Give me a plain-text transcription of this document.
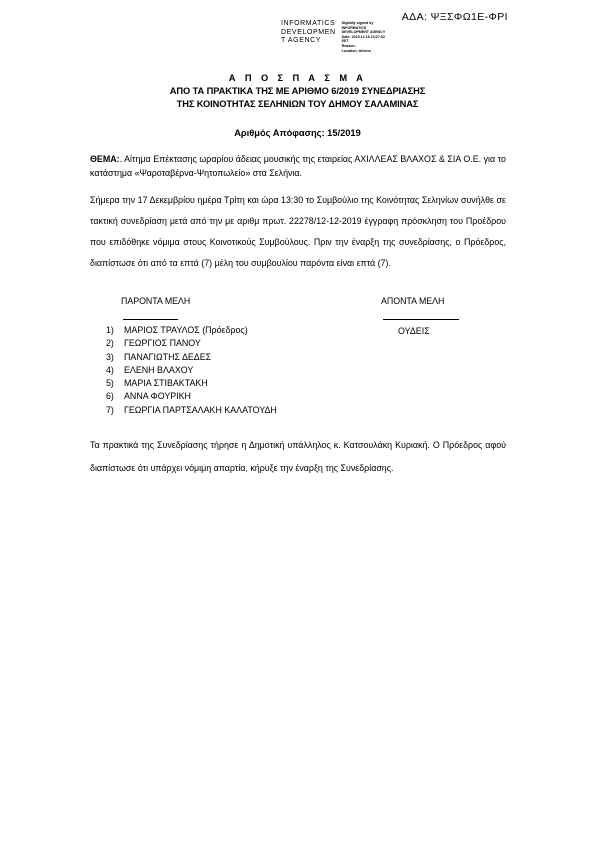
ΑΔΑ: ΨΞΣΦΩ1Ε-ΦΡΙ
INFORMATICS
DEVELOPMEN
T AGENCY
Digitally signed by
INFORMATICS
DEVELOPMENT AGENCY
Date: 2019.12.18 13:27:02
EET
Reason:
Location: Athens
Α Π Ο Σ Π Α Σ Μ Α
ΑΠΟ ΤΑ ΠΡΑΚΤΙΚΑ ΤΗΣ ΜΕ ΑΡΙΘΜΟ 6/2019 ΣΥΝΕΔΡΙΑΣΗΣ
ΤΗΣ ΚΟΙΝΟΤΗΤΑΣ ΣΕΛΗΝΙΩΝ ΤΟΥ ΔΗΜΟΥ ΣΑΛΑΜΙΝΑΣ
Αριθμός Απόφασης: 15/2019
ΘΕΜΑ:. Αίτημα Επέκτασης ωραρίου άδειας μουσικής της εταιρείας ΑΧΙΛΛΕΑΣ ΒΛΑΧΟΣ & ΣΙΑ Ο.Ε. για το κατάστημα «Ψαροταβέρνα-Ψητοπωλείο» στα Σελήνια.
Σήμερα την 17 Δεκεμβρίου ημέρα Τρίτη και ώρα 13:30 το Συμβούλιο της Κοινότητας Σεληνίων συνήλθε σε τακτική συνεδρίαση μετά από την με αριθμ πρωτ. 22278/12-12-2019 έγγραφη πρόσκληση του Προέδρου που επιδόθηκε νόμιμα στους Κοινοτικούς Συμβούλους. Πριν την έναρξη της συνεδρίασης, ο Πρόεδρος, διαπίστωσε ότι από τα επτά (7) μέλη του συμβουλίου παρόντα είναι επτά (7).
ΠΑΡΟΝΤΑ ΜΕΛΗ	ΑΠΟΝΤΑ ΜΕΛΗ
1) ΜΑΡΙΟΣ ΤΡΑΥΛΟΣ (Πρόεδρος)
2) ΓΕΩΡΓΙΟΣ ΠΑΝΟΥ
3) ΠΑΝΑΓΙΩΤΗΣ ΔΕΔΕΣ
4) ΕΛΕΝΗ ΒΛΑΧΟΥ
5) ΜΑΡΙΑ ΣΤΙΒΑΚΤΑΚΗ
6) ΑΝΝΑ ΦΟΥΡΙΚΗ
7) ΓΕΩΡΓΙΑ ΠΑΡΤΣΑΛΑΚΗ ΚΑΛΑΤΟΥΔΗ
ΟΥΔΕΙΣ
Τα πρακτικά της Συνεδρίασης τήρησε η Δημοτική υπάλληλος κ. Κατσουλάκη Κυριακή. Ο Πρόεδρος αφού διαπίστωσε ότι υπάρχει νόμιμη απαρτία, κήρυξε την έναρξη της Συνεδρίασης.
